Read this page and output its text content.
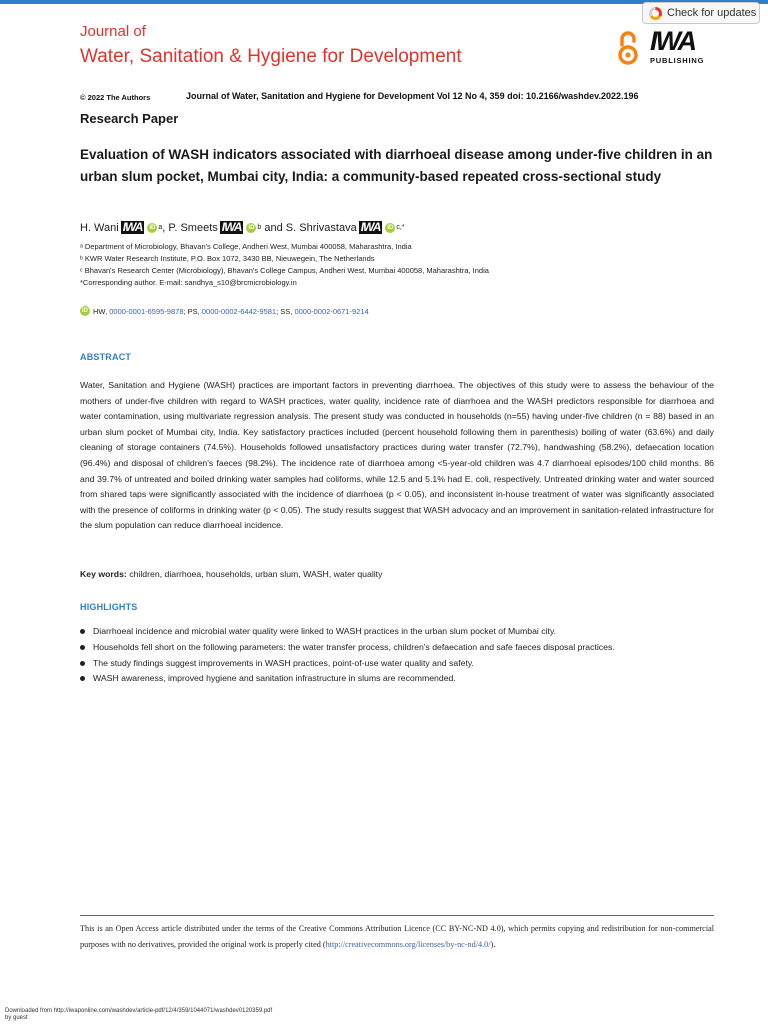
Check for updates
Journal of
Water, Sanitation & Hygiene for Development
IWA
PUBLISHING
© 2022 The Authors	Journal of Water, Sanitation and Hygiene for Development Vol 12 No 4, 359 doi: 10.2166/washdev.2022.196
Research Paper
Evaluation of WASH indicators associated with diarrhoeal disease among under-five children in an urban slum pocket, Mumbai city, India: a community-based repeated cross-sectional study
H. Wani IWA	iD a , P. Smeets IWA	iD b and S. Shrivastava IWA	iD c,*
ᵃ Department of Microbiology, Bhavan's College, Andheri West, Mumbai 400058, Maharashtra, India
ᵇ KWR Water Research Institute, P.O. Box 1072, 3430 BB, Nieuwegein, The Netherlands
ᶜ Bhavan's Research Center (Microbiology), Bhavan's College Campus, Andheri West, Mumbai 400058, Maharashtra, India
*Corresponding author. E-mail: sandhya_s10@brcmicrobiology.in
iD HW,
0000-0001-6595-9878 ; PS,
0000-0002-6442-9581 ; SS,
0000-0002-0671-9214
ABSTRACT
Water, Sanitation and Hygiene (WASH) practices are important factors in preventing diarrhoea. The objectives of this study were to assess the behaviour of the mothers of under-five children with regard to WASH practices, water quality, incidence rate of diarrhoea and the WASH predictors responsible for diarrhoea and water contamination, using multivariate regression analysis. The present study was conducted in households (n=55) having under-five children (n = 88) based in an urban slum pocket of Mumbai city, India. Key satisfactory practices included (percent household following them in parenthesis) boiling of water (63.6%) and daily cleaning of storage containers (74.5%). Households followed unsatisfactory practices during water transfer (72.7%), handwashing (58.2%), defaecation location (96.4%) and disposal of children's faeces (98.2%). The incidence rate of diarrhoea among <5-year-old children was 4.7 diarrhoeal episodes/100 child months. 86 and 39.7% of untreated and boiled drinking water samples had coliforms, while 12.5 and 5.1% had E. coli, respectively. Untreated drinking water and water sourced from shared taps were significantly associated with the incidence of diarrhoea (p < 0.05), and inconsistent in-house treatment of water was significantly associated with the presence of coliforms in drinking water (p < 0.05). The study results suggest that WASH advocacy and an improvement in sanitation-related infrastructure for the slum population can reduce diarrhoeal incidence.
Key words: children, diarrhoea, households, urban slum, WASH, water quality
HIGHLIGHTS
Diarrhoeal incidence and microbial water quality were linked to WASH practices in the urban slum pocket of Mumbai city.
Households fell short on the following parameters: the water transfer process, children's defaecation and safe faeces disposal practices.
The study findings suggest improvements in WASH practices, point-of-use water quality and safety.
WASH awareness, improved hygiene and sanitation infrastructure in slums are recommended.
This is an Open Access article distributed under the terms of the Creative Commons Attribution Licence (CC BY-NC-ND 4.0), which permits copying and redistribution for non-commercial purposes with no derivatives, provided the original work is properly cited (http://creativecommons.org/licenses/by-nc-nd/4.0/).
Downloaded from http://iwaponline.com/washdev/article-pdf/12/4/359/1044071/washdev0120359.pdf
by guest
